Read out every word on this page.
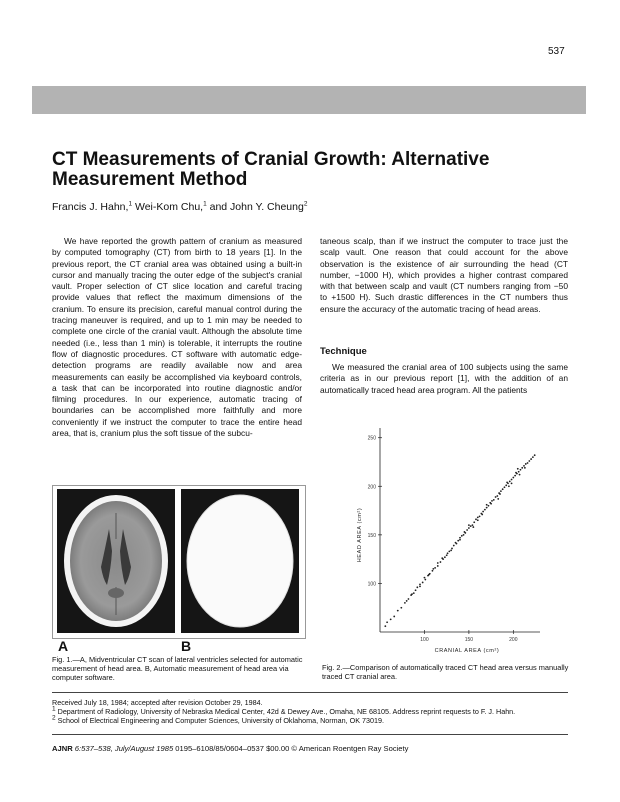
537
CT Measurements of Cranial Growth: Alternative Measurement Method
Francis J. Hahn,$^1$ Wei-Kom Chu,$^1$ and John Y. Cheung$^2$

We have reported the growth pattern of cranium as measured by computed tomography (CT) from birth to 18 years [1]. In the previous report, the CT cranial area was obtained using a built-in cursor and manually tracing the outer edge of the subject's cranial vault. Proper selection of CT slice location and careful tracing provide values that reflect the maximum dimensions of the cranium. To ensure its precision, careful manual control during the tracing maneuver is required, and up to 1 min may be needed to complete one circle of the cranial vault. Although the absolute time needed (i.e., less than 1 min) is tolerable, it interrupts the routine flow of diagnostic procedures. CT software with automatic edge-detection programs are readily available now and area measurements can easily be accomplished via keyboard controls, a task that can be incorporated into routine diagnostic and/or filming procedures. In our experience, automatic tracing of boundaries can be accomplished more faithfully and more conveniently if we instruct the computer to trace the entire head area, that is, cranium plus the soft tissue of the subcu-

taneous scalp, than if we instruct the computer to trace just the scalp vault. One reason that could account for the above observation is the existence of air surrounding the head (CT number, −1000 H), which provides a higher contrast compared with that between scalp and vault (CT numbers ranging from −50 to +1500 H). Such drastic differences in the CT numbers thus ensure the accuracy of the automatic tracing of head areas.

Technique

We measured the cranial area of 100 subjects using the same criteria as in our previous report [1], with the addition of an automatically traced head area program. All the patients

A	B
Fig. 1.—A, Midventricular CT scan of lateral ventricles selected for automatic measurement of head area. B, Automatic measurement of head area via computer software.
100
150
200
250
100	150	200
CRANIAL AREA (cm²)
HEAD AREA (cm²)
Fig. 2.—Comparison of automatically traced CT head area versus manually traced CT cranial area.
Received July 18, 1984; accepted after revision October 29, 1984.
$^1$ Department of Radiology, University of Nebraska Medical Center, 42d & Dewey Ave., Omaha, NE 68105. Address reprint requests to F. J. Hahn.
$^2$ School of Electrical Engineering and Computer Sciences, University of Oklahoma, Norman, OK 73019.
AJNR 6:537–538, July/August 1985 0195–6108/85/0604–0537 $00.00 © American Roentgen Ray Society
